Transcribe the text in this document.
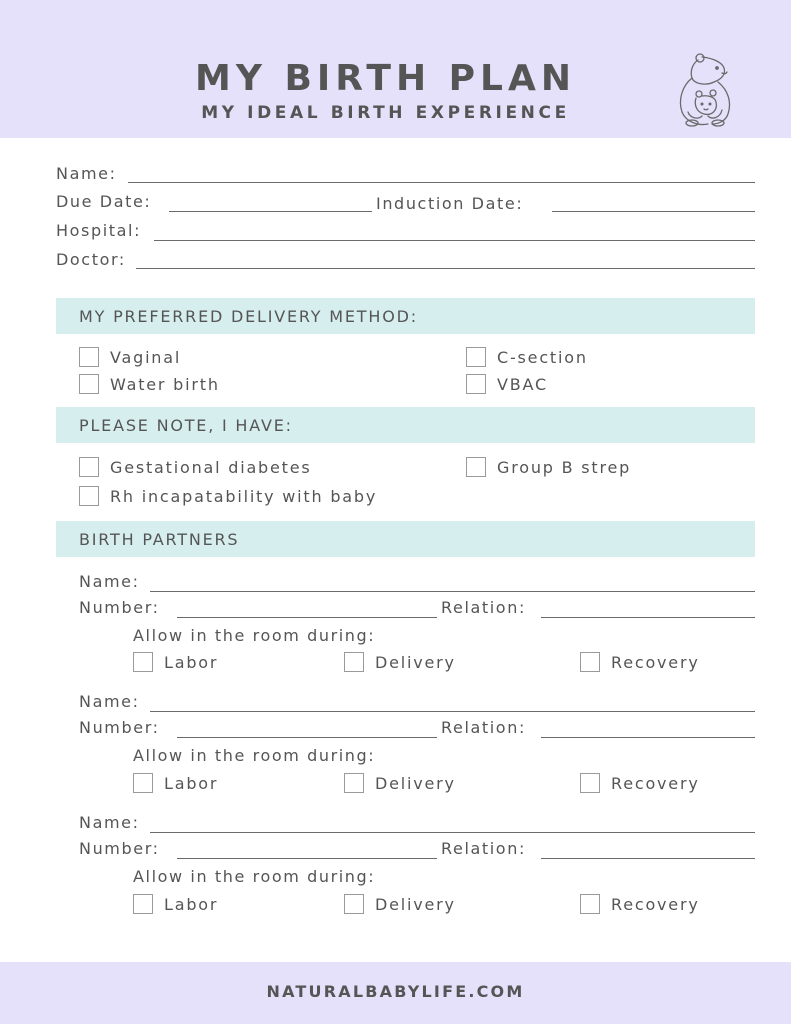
MY BIRTH PLAN
MY IDEAL BIRTH EXPERIENCE
Name:
Due Date:	Induction Date:
Hospital:
Doctor:
MY PREFERRED DELIVERY METHOD:
Vaginal	C-section
Water birth	VBAC
PLEASE NOTE, I HAVE:
Gestational diabetes	Group B strep
Rh incapatability with baby
BIRTH PARTNERS
Name:
Number:	Relation:
Allow in the room during:
Labor	Delivery	Recovery
Name:
Number:	Relation:
Allow in the room during:
Labor	Delivery	Recovery
Name:
Number:	Relation:
Allow in the room during:
Labor	Delivery	Recovery
NATURALBABYLIFE.COM
